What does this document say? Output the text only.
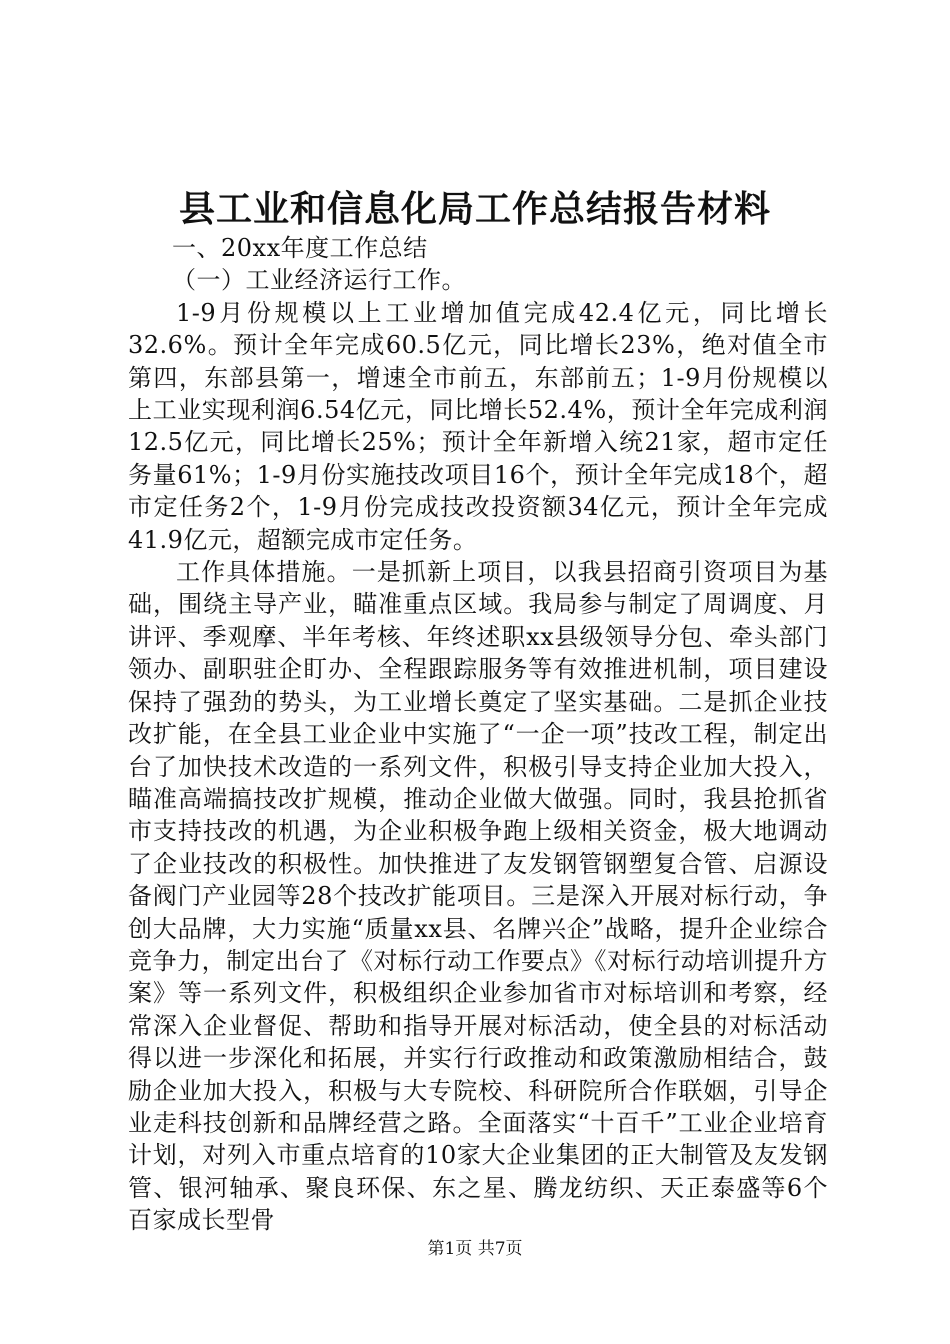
县工业和信息化局工作总结报告材料

一、20xx年度工作总结

（一）工业经济运行工作。

1-9月份规模以上工业增加值完成42.4亿元，同比增长32.6%。预计全年完成60.5亿元，同比增长23%，绝对值全市第四，东部县第一，增速全市前五，东部前五；1-9月份规模以上工业实现利润6.54亿元，同比增长52.4%，预计全年完成利润12.5亿元，同比增长25%；预计全年新增入统21家，超市定任务量61%；1-9月份实施技改项目16个，预计全年完成18个，超市定任务2个，1-9月份完成技改投资额34亿元，预计全年完成41.9亿元，超额完成市定任务。

工作具体措施。一是抓新上项目，以我县招商引资项目为基础，围绕主导产业，瞄准重点区域。我局参与制定了周调度、月讲评、季观摩、半年考核、年终述职xx县级领导分包、牵头部门领办、副职驻企盯办、全程跟踪服务等有效推进机制，项目建设保持了强劲的势头，为工业增长奠定了坚实基础。二是抓企业技改扩能，在全县工业企业中实施了“一企一项”技改工程，制定出台了加快技术改造的一系列文件，积极引导支持企业加大投入，瞄准高端搞技改扩规模，推动企业做大做强。同时，我县抢抓省市支持技改的机遇，为企业积极争跑上级相关资金，极大地调动了企业技改的积极性。加快推进了友发钢管钢塑复合管、启源设备阀门产业园等28个技改扩能项目。三是深入开展对标行动，争创大品牌，大力实施“质量xx县、名牌兴企”战略，提升企业综合竞争力，制定出台了《对标行动工作要点》《对标行动培训提升方案》等一系列文件，积极组织企业参加省市对标培训和考察，经常深入企业督促、帮助和指导开展对标活动，使全县的对标活动得以进一步深化和拓展，并实行行政推动和政策激励相结合，鼓励企业加大投入，积极与大专院校、科研院所合作联姻，引导企业走科技创新和品牌经营之路。全面落实“十百千”工业企业培育计划，对列入市重点培育的10家大企业集团的正大制管及友发钢管、银河轴承、聚良环保、东之星、腾龙纺织、天正泰盛等6个百家成长型骨

第1页 共7页
